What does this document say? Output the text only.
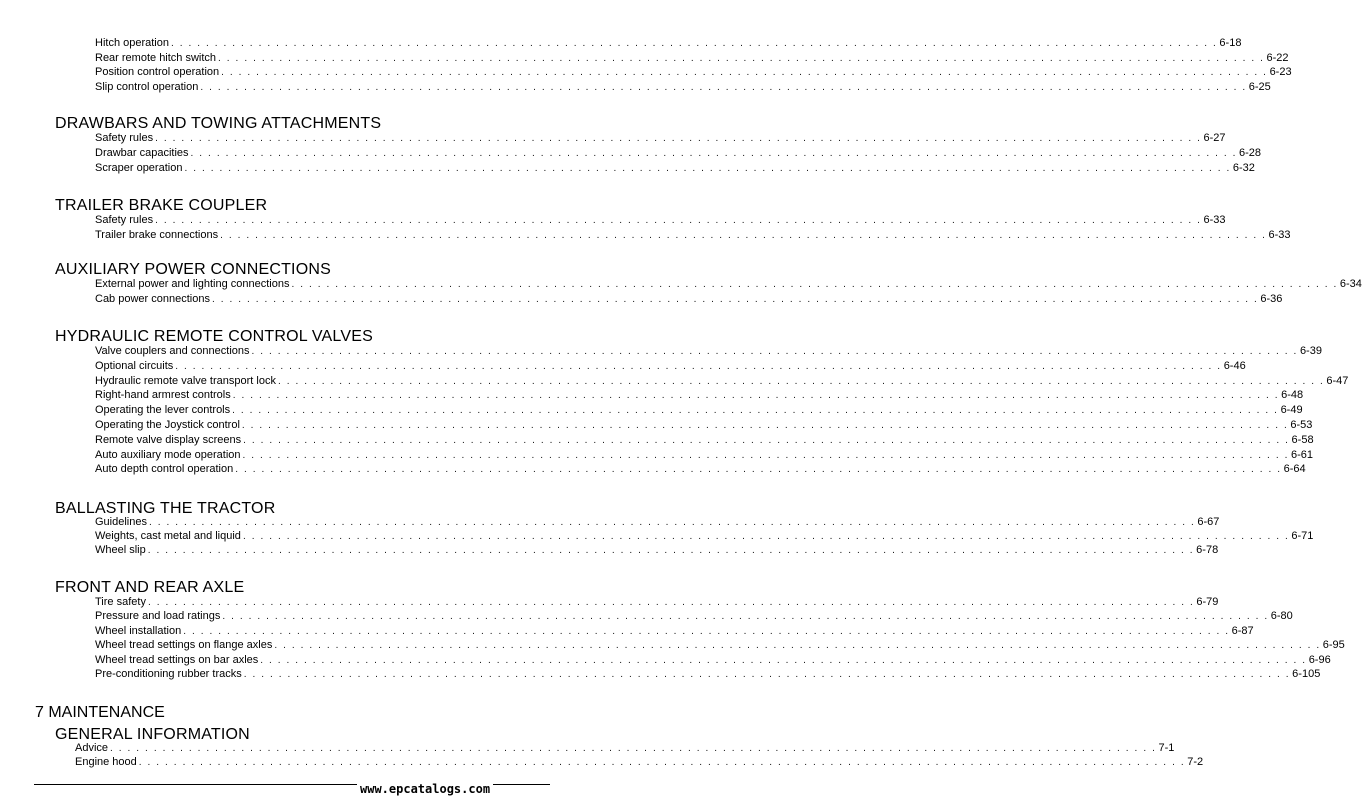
Hitch operation . . . . . . . . . . . . . . . . . . . . . . . . . . . . . . . . . . . . . . . . . . . . . . . . . . . . . . . . . . . . . . . . . . . . . . . . . . . . . . . . . . . . . . . . . . . . . . . . . . . . . . . . . . . . . . . . . . . . . . . . 6-18
Rear remote hitch switch . . . . . . . . . . . . . . . . . . . . . . . . . . . . . . . . . . . . . . . . . . . . . . . . . . . . . . . . . . . . . . . . . . . . . . . . . . . . . . . . . . . . . . . . . . . . . . . . . . . . . . . . . . . . . . . . . . . . . . . . 6-22
Position control operation . . . . . . . . . . . . . . . . . . . . . . . . . . . . . . . . . . . . . . . . . . . . . . . . . . . . . . . . . . . . . . . . . . . . . . . . . . . . . . . . . . . . . . . . . . . . . . . . . . . . . . . . . . . . . . . . . . . . . . . . 6-23
Slip control operation . . . . . . . . . . . . . . . . . . . . . . . . . . . . . . . . . . . . . . . . . . . . . . . . . . . . . . . . . . . . . . . . . . . . . . . . . . . . . . . . . . . . . . . . . . . . . . . . . . . . . . . . . . . . . . . . . . . . . . . . 6-25
DRAWBARS AND TOWING ATTACHMENTS
Safety rules . . . . . . . . . . . . . . . . . . . . . . . . . . . . . . . . . . . . . . . . . . . . . . . . . . . . . . . . . . . . . . . . . . . . . . . . . . . . . . . . . . . . . . . . . . . . . . . . . . . . . . . . . . . . . . . . . . . . . . . . 6-27
Drawbar capacities . . . . . . . . . . . . . . . . . . . . . . . . . . . . . . . . . . . . . . . . . . . . . . . . . . . . . . . . . . . . . . . . . . . . . . . . . . . . . . . . . . . . . . . . . . . . . . . . . . . . . . . . . . . . . . . . . . . . . . . . 6-28
Scraper operation . . . . . . . . . . . . . . . . . . . . . . . . . . . . . . . . . . . . . . . . . . . . . . . . . . . . . . . . . . . . . . . . . . . . . . . . . . . . . . . . . . . . . . . . . . . . . . . . . . . . . . . . . . . . . . . . . . . . . . . . 6-32
TRAILER BRAKE COUPLER
Safety rules . . . . . . . . . . . . . . . . . . . . . . . . . . . . . . . . . . . . . . . . . . . . . . . . . . . . . . . . . . . . . . . . . . . . . . . . . . . . . . . . . . . . . . . . . . . . . . . . . . . . . . . . . . . . . . . . . . . . . . . . 6-33
Trailer brake connections . . . . . . . . . . . . . . . . . . . . . . . . . . . . . . . . . . . . . . . . . . . . . . . . . . . . . . . . . . . . . . . . . . . . . . . . . . . . . . . . . . . . . . . . . . . . . . . . . . . . . . . . . . . . . . . . . . . . . . . . 6-33
AUXILIARY POWER CONNECTIONS
External power and lighting connections . . . . . . . . . . . . . . . . . . . . . . . . . . . . . . . . . . . . . . . . . . . . . . . . . . . . . . . . . . . . . . . . . . . . . . . . . . . . . . . . . . . . . . . . . . . . . . . . . . . . . . . . . . . . . . . . . . . . . . . . 6-34
Cab power connections . . . . . . . . . . . . . . . . . . . . . . . . . . . . . . . . . . . . . . . . . . . . . . . . . . . . . . . . . . . . . . . . . . . . . . . . . . . . . . . . . . . . . . . . . . . . . . . . . . . . . . . . . . . . . . . . . . . . . . . . 6-36
HYDRAULIC REMOTE CONTROL VALVES
Valve couplers and connections . . . . . . . . . . . . . . . . . . . . . . . . . . . . . . . . . . . . . . . . . . . . . . . . . . . . . . . . . . . . . . . . . . . . . . . . . . . . . . . . . . . . . . . . . . . . . . . . . . . . . . . . . . . . . . . . . . . . . . . . 6-39
Optional circuits . . . . . . . . . . . . . . . . . . . . . . . . . . . . . . . . . . . . . . . . . . . . . . . . . . . . . . . . . . . . . . . . . . . . . . . . . . . . . . . . . . . . . . . . . . . . . . . . . . . . . . . . . . . . . . . . . . . . . . . . 6-46
Hydraulic remote valve transport lock . . . . . . . . . . . . . . . . . . . . . . . . . . . . . . . . . . . . . . . . . . . . . . . . . . . . . . . . . . . . . . . . . . . . . . . . . . . . . . . . . . . . . . . . . . . . . . . . . . . . . . . . . . . . . . . . . . . . . . . . 6-47
Right-hand armrest controls . . . . . . . . . . . . . . . . . . . . . . . . . . . . . . . . . . . . . . . . . . . . . . . . . . . . . . . . . . . . . . . . . . . . . . . . . . . . . . . . . . . . . . . . . . . . . . . . . . . . . . . . . . . . . . . . . . . . . . . . 6-48
Operating the lever controls . . . . . . . . . . . . . . . . . . . . . . . . . . . . . . . . . . . . . . . . . . . . . . . . . . . . . . . . . . . . . . . . . . . . . . . . . . . . . . . . . . . . . . . . . . . . . . . . . . . . . . . . . . . . . . . . . . . . . . . . 6-49
Operating the Joystick control . . . . . . . . . . . . . . . . . . . . . . . . . . . . . . . . . . . . . . . . . . . . . . . . . . . . . . . . . . . . . . . . . . . . . . . . . . . . . . . . . . . . . . . . . . . . . . . . . . . . . . . . . . . . . . . . . . . . . . . . 6-53
Remote valve display screens . . . . . . . . . . . . . . . . . . . . . . . . . . . . . . . . . . . . . . . . . . . . . . . . . . . . . . . . . . . . . . . . . . . . . . . . . . . . . . . . . . . . . . . . . . . . . . . . . . . . . . . . . . . . . . . . . . . . . . . . 6-58
Auto auxiliary mode operation . . . . . . . . . . . . . . . . . . . . . . . . . . . . . . . . . . . . . . . . . . . . . . . . . . . . . . . . . . . . . . . . . . . . . . . . . . . . . . . . . . . . . . . . . . . . . . . . . . . . . . . . . . . . . . . . . . . . . . . . 6-61
Auto depth control operation . . . . . . . . . . . . . . . . . . . . . . . . . . . . . . . . . . . . . . . . . . . . . . . . . . . . . . . . . . . . . . . . . . . . . . . . . . . . . . . . . . . . . . . . . . . . . . . . . . . . . . . . . . . . . . . . . . . . . . . . 6-64
BALLASTING THE TRACTOR
Guidelines . . . . . . . . . . . . . . . . . . . . . . . . . . . . . . . . . . . . . . . . . . . . . . . . . . . . . . . . . . . . . . . . . . . . . . . . . . . . . . . . . . . . . . . . . . . . . . . . . . . . . . . . . . . . . . . . . . . . . . . . 6-67
Weights, cast metal and liquid . . . . . . . . . . . . . . . . . . . . . . . . . . . . . . . . . . . . . . . . . . . . . . . . . . . . . . . . . . . . . . . . . . . . . . . . . . . . . . . . . . . . . . . . . . . . . . . . . . . . . . . . . . . . . . . . . . . . . . . . 6-71
Wheel slip . . . . . . . . . . . . . . . . . . . . . . . . . . . . . . . . . . . . . . . . . . . . . . . . . . . . . . . . . . . . . . . . . . . . . . . . . . . . . . . . . . . . . . . . . . . . . . . . . . . . . . . . . . . . . . . . . . . . . . . . 6-78
FRONT AND REAR AXLE
Tire safety . . . . . . . . . . . . . . . . . . . . . . . . . . . . . . . . . . . . . . . . . . . . . . . . . . . . . . . . . . . . . . . . . . . . . . . . . . . . . . . . . . . . . . . . . . . . . . . . . . . . . . . . . . . . . . . . . . . . . . . . 6-79
Pressure and load ratings . . . . . . . . . . . . . . . . . . . . . . . . . . . . . . . . . . . . . . . . . . . . . . . . . . . . . . . . . . . . . . . . . . . . . . . . . . . . . . . . . . . . . . . . . . . . . . . . . . . . . . . . . . . . . . . . . . . . . . . . 6-80
Wheel installation . . . . . . . . . . . . . . . . . . . . . . . . . . . . . . . . . . . . . . . . . . . . . . . . . . . . . . . . . . . . . . . . . . . . . . . . . . . . . . . . . . . . . . . . . . . . . . . . . . . . . . . . . . . . . . . . . . . . . . . . 6-87
Wheel tread settings on flange axles . . . . . . . . . . . . . . . . . . . . . . . . . . . . . . . . . . . . . . . . . . . . . . . . . . . . . . . . . . . . . . . . . . . . . . . . . . . . . . . . . . . . . . . . . . . . . . . . . . . . . . . . . . . . . . . . . . . . . . . . 6-95
Wheel tread settings on bar axles . . . . . . . . . . . . . . . . . . . . . . . . . . . . . . . . . . . . . . . . . . . . . . . . . . . . . . . . . . . . . . . . . . . . . . . . . . . . . . . . . . . . . . . . . . . . . . . . . . . . . . . . . . . . . . . . . . . . . . . . 6-96
Pre-conditioning rubber tracks . . . . . . . . . . . . . . . . . . . . . . . . . . . . . . . . . . . . . . . . . . . . . . . . . . . . . . . . . . . . . . . . . . . . . . . . . . . . . . . . . . . . . . . . . . . . . . . . . . . . . . . . . . . . . . . . . . . . . . . . 6-105
7 MAINTENANCE
GENERAL INFORMATION
Advice . . . . . . . . . . . . . . . . . . . . . . . . . . . . . . . . . . . . . . . . . . . . . . . . . . . . . . . . . . . . . . . . . . . . . . . . . . . . . . . . . . . . . . . . . . . . . . . . . . . . . . . . . . . . . . . . . . . . . . . . 7-1
Engine hood . . . . . . . . . . . . . . . . . . . . . . . . . . . . . . . . . . . . . . . . . . . . . . . . . . . . . . . . . . . . . . . . . . . . . . . . . . . . . . . . . . . . . . . . . . . . . . . . . . . . . . . . . . . . . . . . . . . . . . . . 7-2
www.epcatalogs.com
